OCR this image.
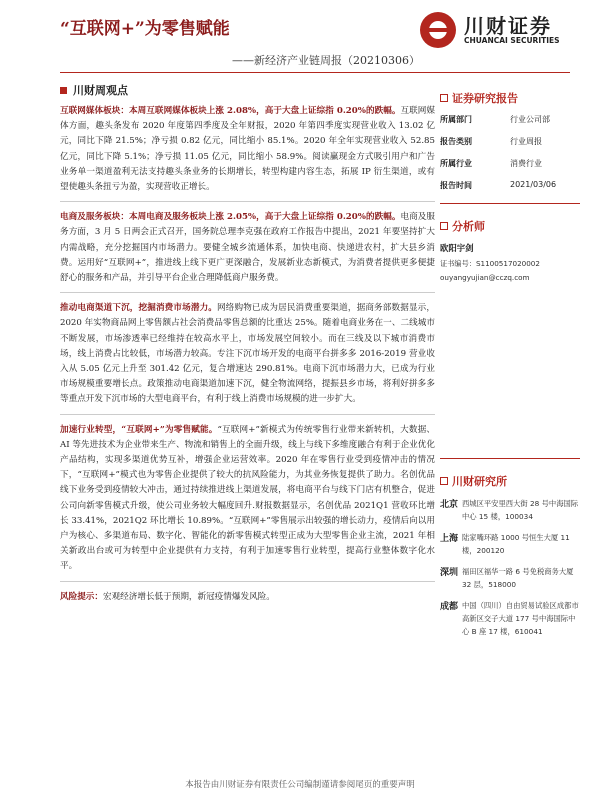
“互联网+”为零售赋能
——新经济产业链周报（20210306）
川财证券
CHUANCAI SECURITIES
川财周观点

互联网媒体板块：本周互联网媒体板块上涨 2.08%，高于大盘上证综指 0.20%的跌幅。互联网媒体方面，趣头条发布 2020 年度第四季度及全年财报，2020 年第四季度实现营业收入 13.02 亿元，同比下降 21.5%；净亏损 0.82 亿元，同比缩小 85.1%。2020 年全年实现营业收入 52.85 亿元，同比下降 5.1%；净亏损 11.05 亿元，同比缩小 58.9%。阅读赢现金方式吸引用户和广告业务单一渠道盈利无法支持趣头条业务的长期增长，转型构建内容生态，拓展 IP 衍生渠道，或有望使趣头条扭亏为盈，实现营收正增长。

电商及服务板块：本周电商及服务板块上涨 2.05%，高于大盘上证综指 0.20%的跌幅。电商及服务方面，3 月 5 日两会正式召开，国务院总理李克强在政府工作报告中提出，2021 年要坚持扩大内需战略，充分挖掘国内市场潜力。要健全城乡流通体系，加快电商、快递进农村，扩大县乡消费。运用好“互联网+”，推进线上线下更广更深融合，发展新业态新模式，为消费者提供更多便捷舒心的服务和产品，并引导平台企业合理降低商户服务费。

推动电商渠道下沉，挖掘消费市场潜力。网络购物已成为居民消费重要渠道，据商务部数据显示，2020 年实物商品网上零售额占社会消费品零售总额的比重达 25%。随着电商业务在一、二线城市不断发展，市场渗透率已经维持在较高水平上，市场发展空间较小。而在三线及以下城市消费市场，线上消费占比较低，市场潜力较高。专注下沉市场开发的电商平台拼多多 2016-2019 营业收入从 5.05 亿元上升至 301.42 亿元，复合增速达 290.81%。电商下沉市场潜力大，已成为行业市场规模重要增长点。政策推动电商渠道加速下沉，健全物流网络，提振县乡市场，将利好拼多多等重点开发下沉市场的大型电商平台，有利于线上消费市场规模的进一步扩大。

加速行业转型，“互联网+”为零售赋能。“互联网+”新模式为传统零售行业带来新转机，大数据、AI 等先进技术为企业带来生产、物流和销售上的全面升级，线上与线下多维度融合有利于企业优化产品结构，实现多渠道优势互补，增强企业运营效率。2020 年在零售行业受到疫情冲击的情况下，“互联网+”模式也为零售企业提供了较大的抗风险能力，为其业务恢复提供了助力。名创优品线下业务受到疫情较大冲击，通过持续推进线上渠道发展，将电商平台与线下门店有机整合，促进公司向新零售模式升级，使公司业务较大幅度回升.财报数据显示，名创优品 2021Q1 营收环比增长 33.41%，2021Q2 环比增长 10.89%。“互联网+”零售展示出较强的增长动力，疫情后向以用户为核心、多渠道布局、数字化、智能化的新零售模式转型正成为大型零售企业主流，2021 年相关新政出台或可为转型中企业提供有力支持，有利于加速零售行业转型，提高行业整体数字化水平。

风险提示：宏观经济增长低于预期，新冠疫情爆发风险。
证券研究报告
所属部门	行业公司部
报告类别	行业周报
所属行业	消费行业
报告时间	2021/03/06
分析师
欧阳宇剑
证书编号：S1100517020002
ouyangyujian@cczq.com
川财研究所
北京 西城区平安里西大街 28 号中海国际中心 15 楼，100034
上海 陆家嘴环路 1000 号恒生大厦 11 楼，200120
深圳 福田区福华一路 6 号免税商务大厦 32 层，518000
成都 中国（四川）自由贸易试验区成都市高新区交子大道 177 号中海国际中心 B 座 17 楼，610041
本报告由川财证券有限责任公司编制谨请参阅尾页的重要声明
